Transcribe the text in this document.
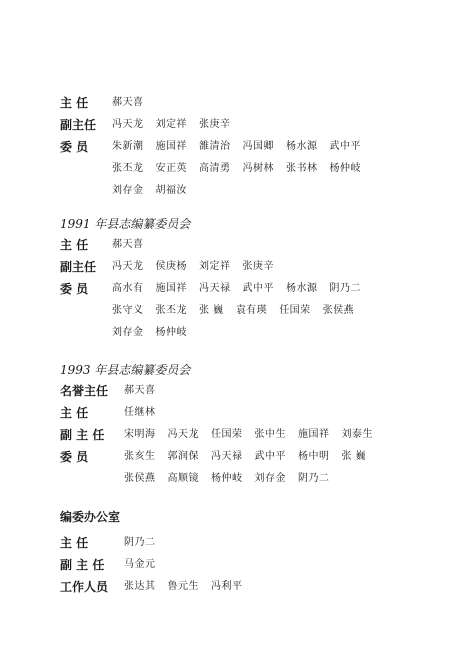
主 任 郝天喜
副主任 冯天龙 刘定祥 张庚辛
委 员 朱新潮 施国祥 雒清治 冯国卿 杨水源 武中平
张丕龙 安正英 高清勇 冯树林 张书林 杨仲岐
刘存金 胡福汝
1991 年县志编纂委员会
主 任 郝天喜
副主任 冯天龙 侯庚杨 刘定祥 张庚辛
委 员 高水有 施国祥 冯天禄 武中平 杨水源 阴乃二
张守义 张丕龙 张 巍 袁有瑛 任国荣 张侯燕
刘存金 杨仲岐
1993 年县志编纂委员会
名誉主任 郝天喜
主 任	任继林
副 主 任 宋明海 冯天龙 任国荣 张中生 施国祥 刘泰生
委 员	张亥生 郭润保 冯天禄 武中平 杨中明 张 巍
张侯燕 高顺镜 杨仲岐 刘存金 阴乃二
编委办公室
主 任	阴乃二
副 主 任 马金元
工作人员 张达其 鲁元生 冯利平
